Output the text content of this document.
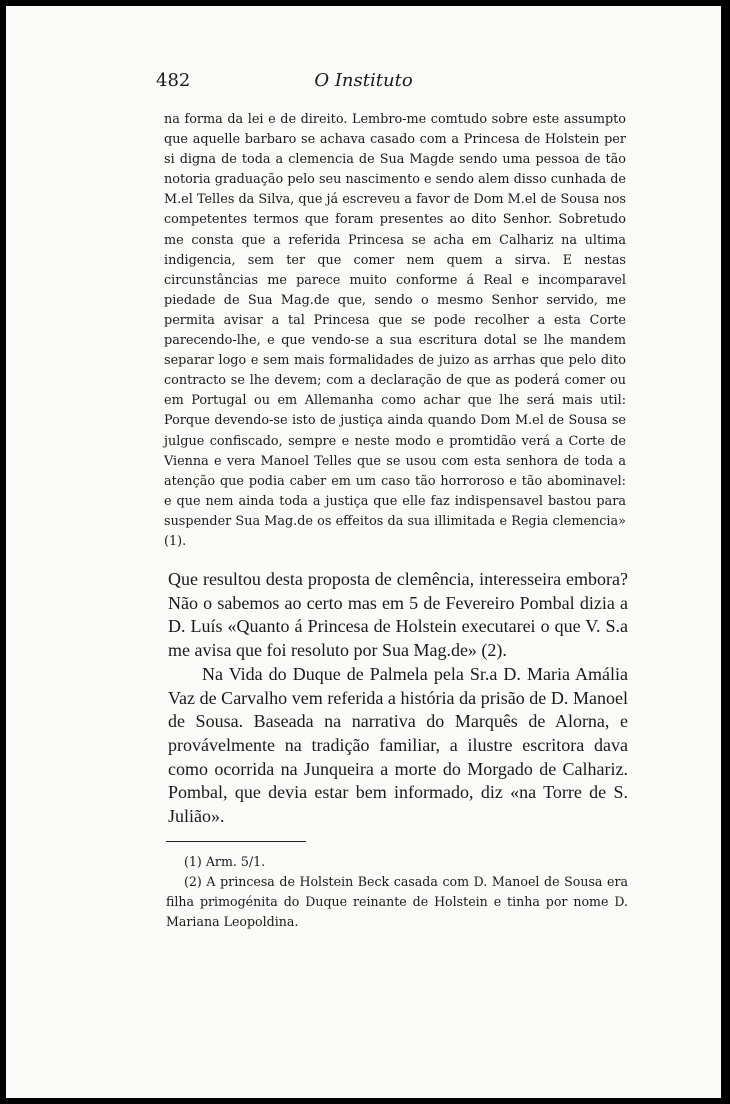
482	O Instituto

na forma da lei e de direito. Lembro-me comtudo sobre este assumpto que aquelle barbaro se achava casado com a Princesa de Holstein per si digna de toda a clemencia de Sua Magde sendo uma pessoa de tão notoria graduação pelo seu nascimento e sendo alem disso cunhada de M.el Telles da Silva, que já escreveu a favor de Dom M.el de Sousa nos competentes termos que foram presentes ao dito Senhor. Sobretudo me consta que a referida Princesa se acha em Calhariz na ultima indigencia, sem ter que comer nem quem a sirva. E nestas circunstâncias me parece muito conforme á Real e incomparavel piedade de Sua Mag.de que, sendo o mesmo Senhor servido, me permita avisar a tal Princesa que se pode recolher a esta Corte parecendo-lhe, e que vendo-se a sua escritura dotal se lhe mandem separar logo e sem mais formalidades de juizo as arrhas que pelo dito contracto se lhe devem; com a declaração de que as poderá comer ou em Portugal ou em Allemanha como achar que lhe será mais util: Porque devendo-se isto de justiça ainda quando Dom M.el de Sousa se julgue confiscado, sempre e neste modo e promtidão verá a Corte de Vienna e vera Manoel Telles que se usou com esta senhora de toda a atenção que podia caber em um caso tão horroroso e tão abominavel: e que nem ainda toda a justiça que elle faz indispensavel bastou para suspender Sua Mag.de os effeitos da sua illimitada e Regia clemencia» (1).

Que resultou desta proposta de clemência, interesseira embora? Não o sabemos ao certo mas em 5 de Fevereiro Pombal dizia a D. Luís «Quanto á Princesa de Holstein executarei o que V. S.a me avisa que foi resoluto por Sua Mag.de» (2).

Na Vida do Duque de Palmela pela Sr.a D. Maria Amália Vaz de Carvalho vem referida a história da prisão de D. Manoel de Sousa. Baseada na narrativa do Marquês de Alorna, e provávelmente na tradição familiar, a ilustre escritora dava como ocorrida na Junqueira a morte do Morgado de Calhariz. Pombal, que devia estar bem informado, diz «na Torre de S. Julião».

(1) Arm. 5/1.

(2) A princesa de Holstein Beck casada com D. Manoel de Sousa era filha primogénita do Duque reinante de Holstein e tinha por nome D. Mariana Leopoldina.
